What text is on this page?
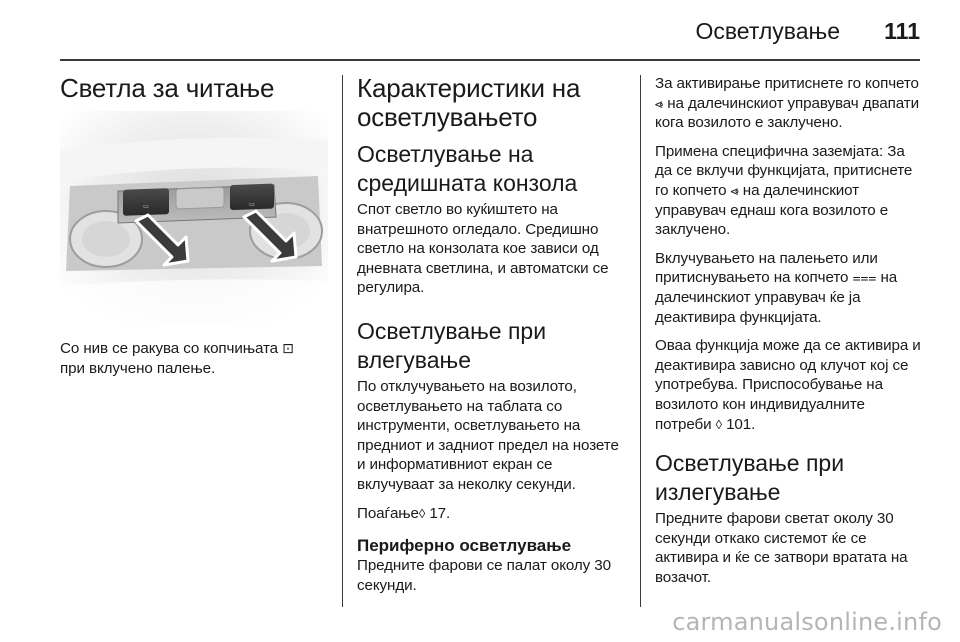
Осветлување 111
Светла за читање
▭	▭

Со нив се ракува со копчињата ⊡
при вклучено палење.

Карактеристики на осветлувањето
Осветлување на средишната конзола

Спот светло во куќиштето на внатрешното огледало. Средишно светло на конзолата кое зависи од дневната светлина, и автоматски се регулира.

Осветлување при влегување

По отклучувањето на возилото, осветлувањето на таблата со инструменти, осветлувањето на предниот и задниот предел на нозете и информативниот екран се вклучуваат за неколку секунди.

Поаѓање◊ 17.

Периферно осветлување

Предните фарови се палат околу 30 секунди.

За активирање притиснете го копчето ⩹ на далечинскиот управувач двапати кога возилото е заклучено.

Примена специфична заземјата: За да се вклучи функцијата, притиснете го копчето ⩹ на далечинскиот управувач еднаш кога возилото е заклучено.

Вклучувањето на палењето или притиснувањето на копчето ⩶ на далечинскиот управувач ќе ја деактивира функцијата.

Оваа функција може да се активира и деактивира зависно од клучот кој се употребува. Приспособување на возилото кон индивидуалните потреби ◊ 101.

Осветлување при излегување

Предните фарови светат околу 30 секунди откако системот ќе се активира и ќе се затвори вратата на возачот.

carmanualsonline.info
